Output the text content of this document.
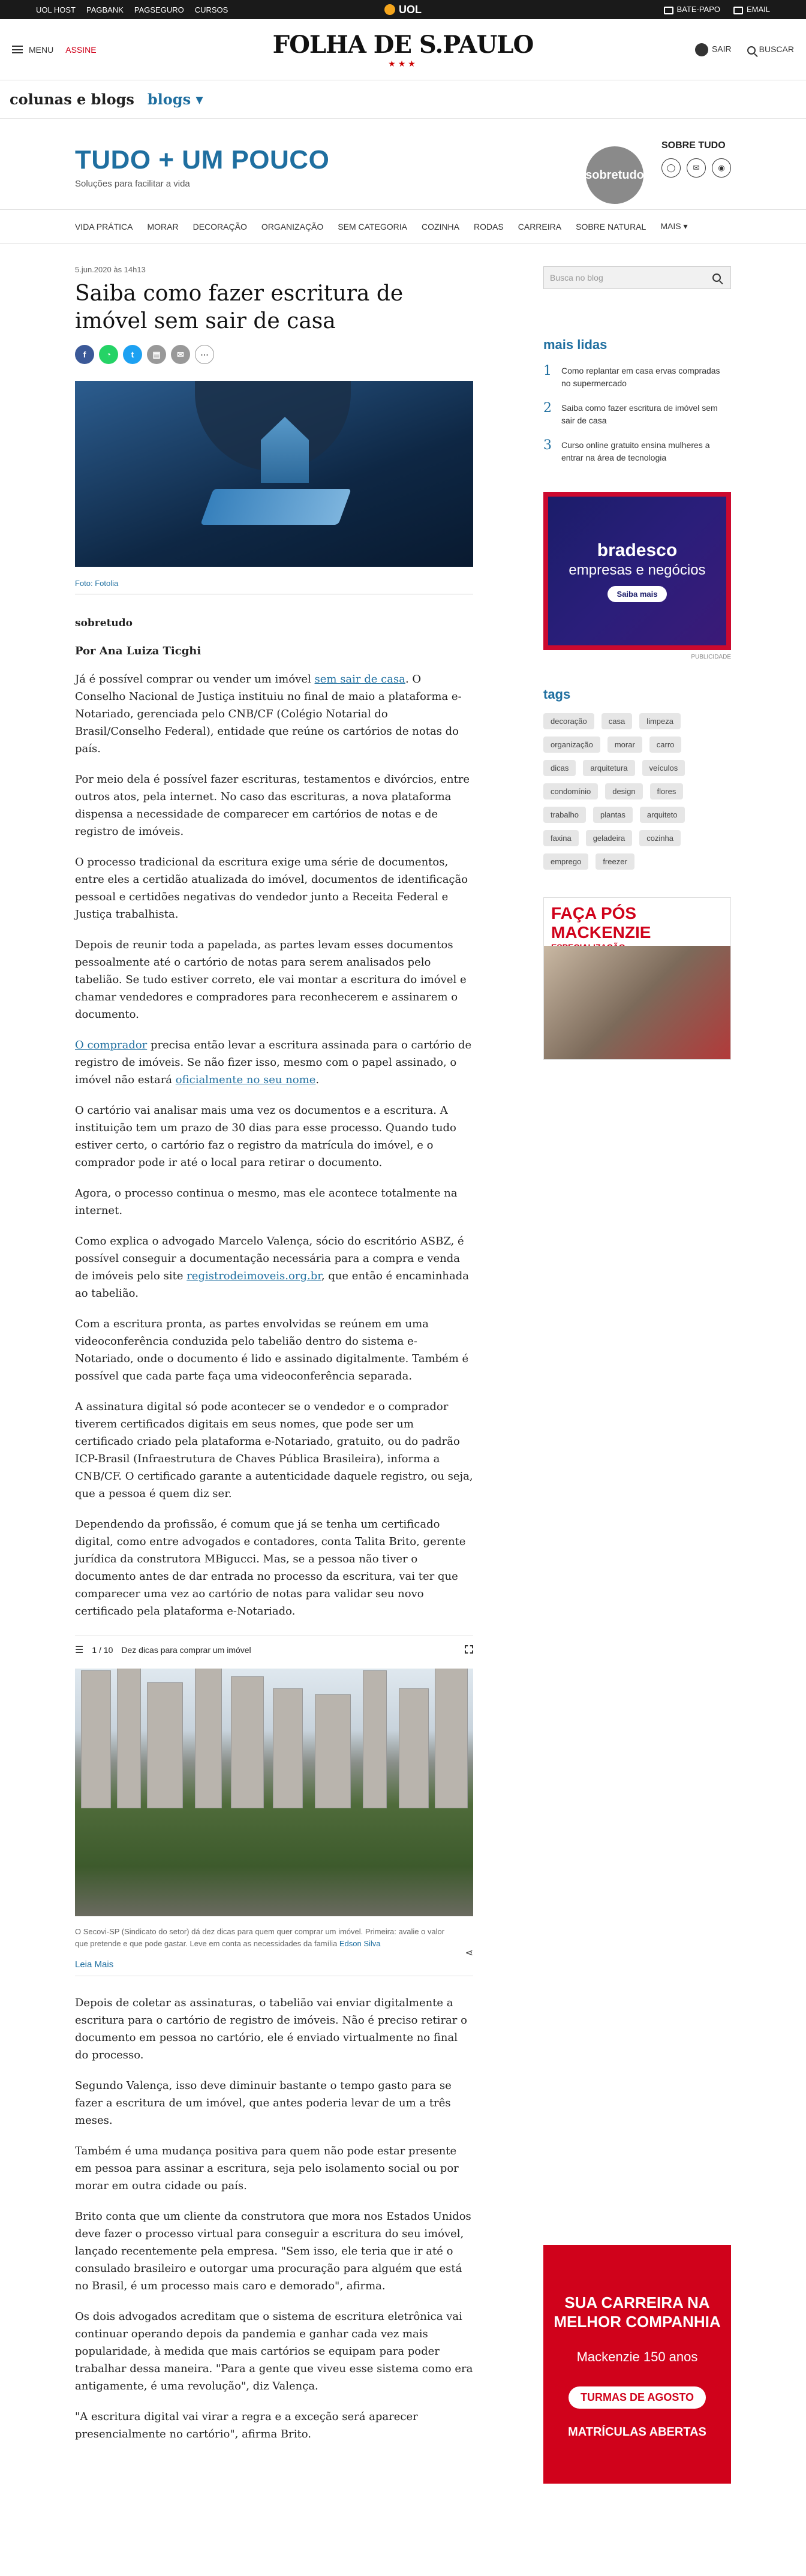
UOL HOST PAGBANK PAGSEGURO CURSOS	UOL	BATE-PAPO	EMAIL
MENU ASSINE	FOLHA DE S.PAULO
★★★
SAIR	BUSCAR
colunas e blogs blogs ▾
TUDO + UM POUCO
Soluções para facilitar a vida
sobretudo
SOBRE TUDO
◯	✉	◉
VIDA PRÁTICA MORAR DECORAÇÃO ORGANIZAÇÃO SEM CATEGORIA COZINHA RODAS CARREIRA SOBRE NATURAL MAIS ▾
5.jun.2020 às 14h13
Saiba como fazer escritura de imóvel sem sair de casa
f	◔	t	▤	✉	⋯
Foto: Fotolia
sobretudo
Por Ana Luiza Ticghi

Já é possível comprar ou vender um imóvel sem sair de casa. O Conselho Nacional de Justiça instituiu no final de maio a plataforma e-Notariado, gerenciada pelo CNB/CF (Colégio Notarial do Brasil/Conselho Federal), entidade que reúne os cartórios de notas do país.

Por meio dela é possível fazer escrituras, testamentos e divórcios, entre outros atos, pela internet. No caso das escrituras, a nova plataforma dispensa a necessidade de comparecer em cartórios de notas e de registro de imóveis.

O processo tradicional da escritura exige uma série de documentos, entre eles a certidão atualizada do imóvel, documentos de identificação pessoal e certidões negativas do vendedor junto a Receita Federal e Justiça trabalhista.

Depois de reunir toda a papelada, as partes levam esses documentos pessoalmente até o cartório de notas para serem analisados pelo tabelião. Se tudo estiver correto, ele vai montar a escritura do imóvel e chamar vendedores e compradores para reconhecerem e assinarem o documento.

O comprador precisa então levar a escritura assinada para o cartório de registro de imóveis. Se não fizer isso, mesmo com o papel assinado, o imóvel não estará oficialmente no seu nome.

O cartório vai analisar mais uma vez os documentos e a escritura. A instituição tem um prazo de 30 dias para esse processo. Quando tudo estiver certo, o cartório faz o registro da matrícula do imóvel, e o comprador pode ir até o local para retirar o documento.

Agora, o processo continua o mesmo, mas ele acontece totalmente na internet.

Como explica o advogado Marcelo Valença, sócio do escritório ASBZ, é possível conseguir a documentação necessária para a compra e venda de imóveis pelo site registrodeimoveis.org.br, que então é encaminhada ao tabelião.

Com a escritura pronta, as partes envolvidas se reúnem em uma videoconferência conduzida pelo tabelião dentro do sistema e-Notariado, onde o documento é lido e assinado digitalmente. Também é possível que cada parte faça uma videoconferência separada.

A assinatura digital só pode acontecer se o vendedor e o comprador tiverem certificados digitais em seus nomes, que pode ser um certificado criado pela plataforma e-Notariado, gratuito, ou do padrão ICP-Brasil (Infraestrutura de Chaves Pública Brasileira), informa a CNB/CF. O certificado garante a autenticidade daquele registro, ou seja, que a pessoa é quem diz ser.

Dependendo da profissão, é comum que já se tenha um certificado digital, como entre advogados e contadores, conta Talita Brito, gerente jurídica da construtora MBigucci. Mas, se a pessoa não tiver o documento antes de dar entrada no processo da escritura, vai ter que comparecer uma vez ao cartório de notas para validar seu novo certificado pela plataforma e-Notariado.

☰ 1 / 10 Dez dicas para comprar um imóvel
O Secovi-SP (Sindicato do setor) dá dez dicas para quem quer comprar um imóvel. Primeira: avalie o valor que pretende e que pode gastar. Leve em conta as necessidades da família Edson Silva
⋖
Leia Mais

Depois de coletar as assinaturas, o tabelião vai enviar digitalmente a escritura para o cartório de registro de imóveis. Não é preciso retirar o documento em pessoa no cartório, ele é enviado virtualmente no final do processo.

Segundo Valença, isso deve diminuir bastante o tempo gasto para se fazer a escritura de um imóvel, que antes poderia levar de um a três meses.

Também é uma mudança positiva para quem não pode estar presente em pessoa para assinar a escritura, seja pelo isolamento social ou por morar em outra cidade ou país.

Brito conta que um cliente da construtora que mora nos Estados Unidos deve fazer o processo virtual para conseguir a escritura do seu imóvel, lançado recentemente pela empresa. "Sem isso, ele teria que ir até o consulado brasileiro e outorgar uma procuração para alguém que está no Brasil, é um processo mais caro e demorado", afirma.

Os dois advogados acreditam que o sistema de escritura eletrônica vai continuar operando depois da pandemia e ganhar cada vez mais popularidade, à medida que mais cartórios se equipam para poder trabalhar dessa maneira. "Para a gente que viveu esse sistema como era antigamente, é uma revolução", diz Valença.

"A escritura digital vai virar a regra e a exceção será aparecer presencialmente no cartório", afirma Brito.

Busca no blog
mais lidas
1 Como replantar em casa ervas compradas no supermercado
2 Saiba como fazer escritura de imóvel sem sair de casa
3 Curso online gratuito ensina mulheres a entrar na área de tecnologia
bradesco
empresas e negócios
Saiba mais
PUBLICIDADE
tags
decoração	casa	limpeza
organização	morar	carro
dicas	arquitetura	veículos
condomínio	design	flores
trabalho	plantas	arquiteto
faxina	geladeira	cozinha
emprego	freezer
FAÇA PÓS MACKENZIE
SUA CARREIRA NA MELHOR COMPANHIA
Mackenzie 150 anos
TURMAS DE AGOSTO
MATRÍCULAS ABERTAS
